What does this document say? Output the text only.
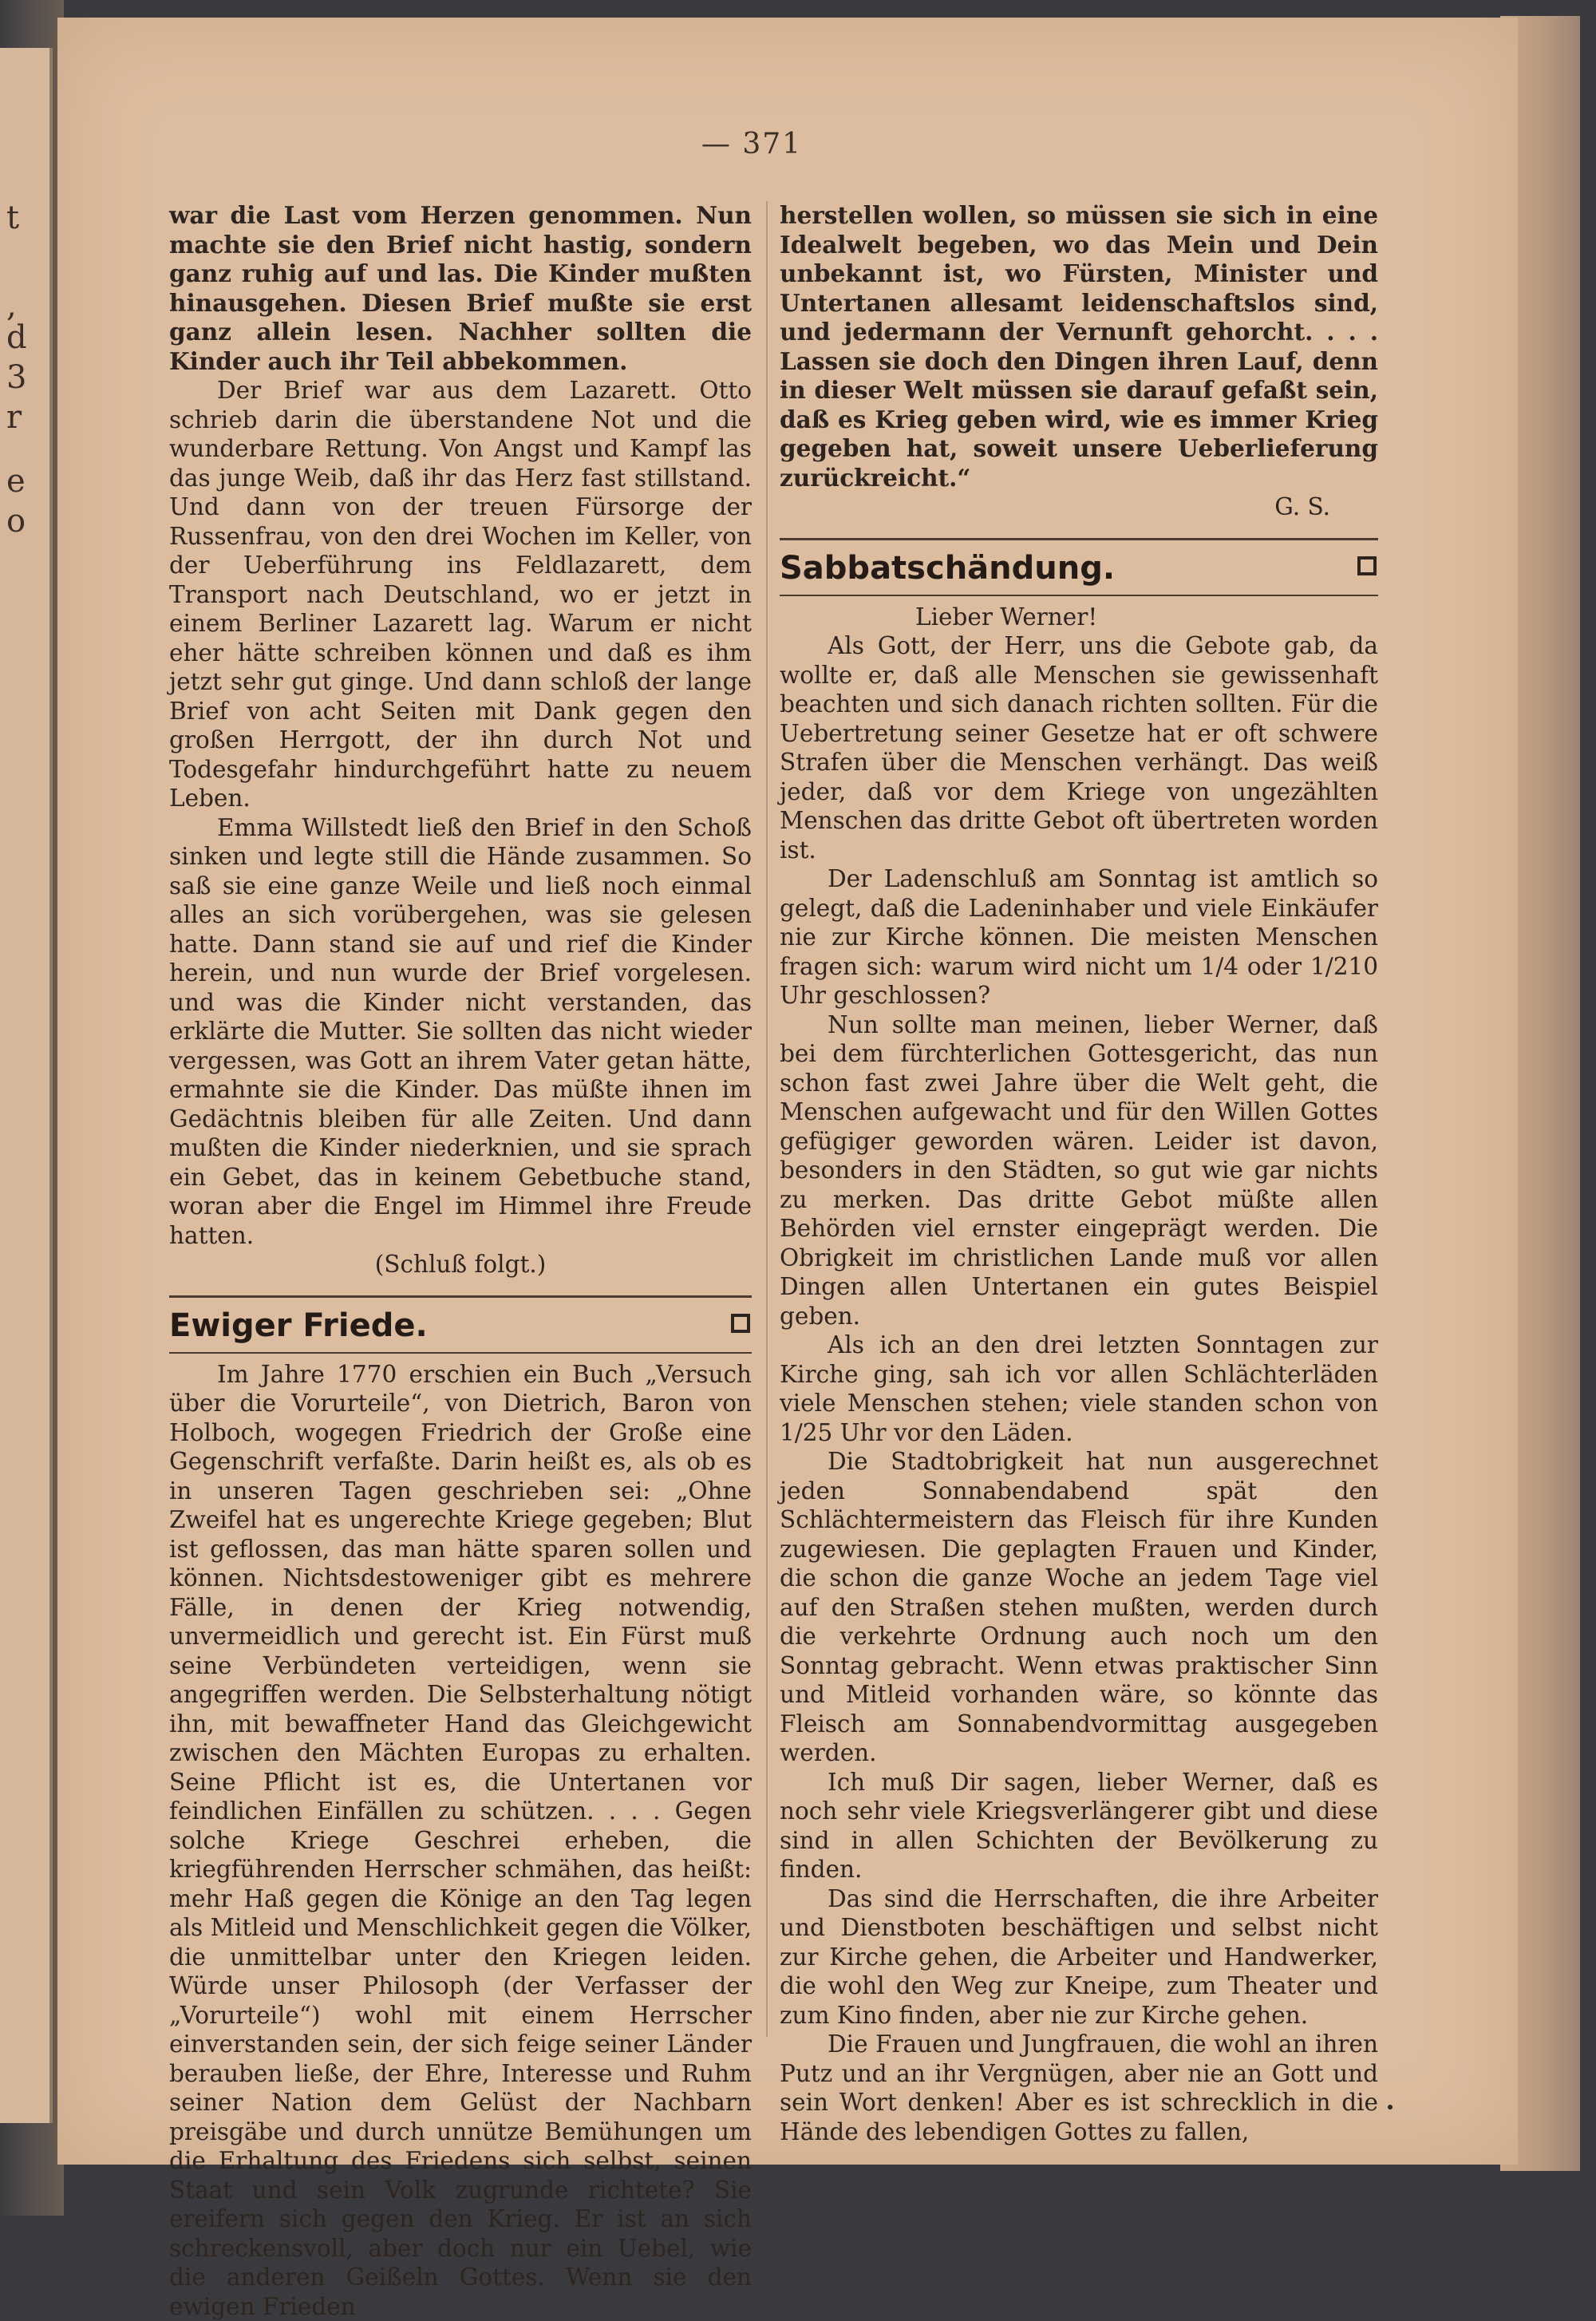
t
,
d
3
r
e
o
— 371

war die Last vom Herzen genommen. Nun machte sie den Brief nicht hastig, sondern ganz ruhig auf und las. Die Kinder mußten hinausgehen. Diesen Brief mußte sie erst ganz allein lesen. Nachher sollten die Kinder auch ihr Teil abbekommen.

Der Brief war aus dem Lazarett. Otto schrieb darin die überstandene Not und die wunderbare Rettung. Von Angst und Kampf las das junge Weib, daß ihr das Herz fast stillstand. Und dann von der treuen Fürsorge der Russenfrau, von den drei Wochen im Keller, von der Ueberführung ins Feldlazarett, dem Transport nach Deutschland, wo er jetzt in einem Berliner Lazarett lag. Warum er nicht eher hätte schreiben können und daß es ihm jetzt sehr gut ginge. Und dann schloß der lange Brief von acht Seiten mit Dank gegen den großen Herrgott, der ihn durch Not und Todesgefahr hindurchgeführt hatte zu neuem Leben.

Emma Willstedt ließ den Brief in den Schoß sinken und legte still die Hände zusammen. So saß sie eine ganze Weile und ließ noch einmal alles an sich vorübergehen, was sie gelesen hatte. Dann stand sie auf und rief die Kinder herein, und nun wurde der Brief vorgelesen. und was die Kinder nicht verstanden, das erklärte die Mutter. Sie sollten das nicht wieder vergessen, was Gott an ihrem Vater getan hätte, ermahnte sie die Kinder. Das müßte ihnen im Gedächtnis bleiben für alle Zeiten. Und dann mußten die Kinder niederknien, und sie sprach ein Gebet, das in keinem Gebetbuche stand, woran aber die Engel im Himmel ihre Freude hatten.

(Schluß folgt.)

Ewiger Friede.

Im Jahre 1770 erschien ein Buch „Versuch über die Vorurteile“, von Dietrich, Baron von Holboch, wogegen Friedrich der Große eine Gegenschrift verfaßte. Darin heißt es, als ob es in unseren Tagen geschrieben sei: „Ohne Zweifel hat es ungerechte Kriege gegeben; Blut ist geflossen, das man hätte sparen sollen und können. Nichtsdestoweniger gibt es mehrere Fälle, in denen der Krieg notwendig, unvermeidlich und gerecht ist. Ein Fürst muß seine Verbündeten verteidigen, wenn sie angegriffen werden. Die Selbsterhaltung nötigt ihn, mit bewaffneter Hand das Gleichgewicht zwischen den Mächten Europas zu erhalten. Seine Pflicht ist es, die Untertanen vor feindlichen Einfällen zu schützen. . . . Gegen solche Kriege Geschrei erheben, die kriegführenden Herrscher schmähen, das heißt: mehr Haß gegen die Könige an den Tag legen als Mitleid und Menschlichkeit gegen die Völker, die unmittelbar unter den Kriegen leiden. Würde unser Philosoph (der Verfasser der „Vorurteile“) wohl mit einem Herrscher einverstanden sein, der sich feige seiner Länder berauben ließe, der Ehre, Interesse und Ruhm seiner Nation dem Gelüst der Nachbarn preisgäbe und durch unnütze Bemühungen um die Erhaltung des Friedens sich selbst, seinen Staat und sein Volk zugrunde richtete? Sie ereifern sich gegen den Krieg. Er ist an sich schreckensvoll, aber doch nur ein Uebel, wie die anderen Geißeln Gottes. Wenn sie den ewigen Frieden

herstellen wollen, so müssen sie sich in eine Idealwelt begeben, wo das Mein und Dein unbekannt ist, wo Fürsten, Minister und Untertanen allesamt leidenschaftslos sind, und jedermann der Vernunft gehorcht. . . . Lassen sie doch den Dingen ihren Lauf, denn in dieser Welt müssen sie darauf gefaßt sein, daß es Krieg geben wird, wie es immer Krieg gegeben hat, soweit unsere Ueberlieferung zurückreicht.“

G. S.

Sabbatschändung.

Lieber Werner!

Als Gott, der Herr, uns die Gebote gab, da wollte er, daß alle Menschen sie gewissenhaft beachten und sich danach richten sollten. Für die Uebertretung seiner Gesetze hat er oft schwere Strafen über die Menschen verhängt. Das weiß jeder, daß vor dem Kriege von ungezählten Menschen das dritte Gebot oft übertreten worden ist.

Der Ladenschluß am Sonntag ist amtlich so gelegt, daß die Ladeninhaber und viele Einkäufer nie zur Kirche können. Die meisten Menschen fragen sich: warum wird nicht um 1/4 oder 1/210 Uhr geschlossen?

Nun sollte man meinen, lieber Werner, daß bei dem fürchterlichen Gottesgericht, das nun schon fast zwei Jahre über die Welt geht, die Menschen aufgewacht und für den Willen Gottes gefügiger geworden wären. Leider ist davon, besonders in den Städten, so gut wie gar nichts zu merken. Das dritte Gebot müßte allen Behörden viel ernster eingeprägt werden. Die Obrigkeit im christlichen Lande muß vor allen Dingen allen Untertanen ein gutes Beispiel geben.

Als ich an den drei letzten Sonntagen zur Kirche ging, sah ich vor allen Schlächterläden viele Menschen stehen; viele standen schon von 1/25 Uhr vor den Läden.

Die Stadtobrigkeit hat nun ausgerechnet jeden Sonnabendabend spät den Schlächtermeistern das Fleisch für ihre Kunden zugewiesen. Die geplagten Frauen und Kinder, die schon die ganze Woche an jedem Tage viel auf den Straßen stehen mußten, werden durch die verkehrte Ordnung auch noch um den Sonntag gebracht. Wenn etwas praktischer Sinn und Mitleid vorhanden wäre, so könnte das Fleisch am Sonnabendvormittag ausgegeben werden.

Ich muß Dir sagen, lieber Werner, daß es noch sehr viele Kriegsverlängerer gibt und diese sind in allen Schichten der Bevölkerung zu finden.

Das sind die Herrschaften, die ihre Arbeiter und Dienstboten beschäftigen und selbst nicht zur Kirche gehen, die Arbeiter und Handwerker, die wohl den Weg zur Kneipe, zum Theater und zum Kino finden, aber nie zur Kirche gehen.

Die Frauen und Jungfrauen, die wohl an ihren Putz und an ihr Vergnügen, aber nie an Gott und sein Wort denken! Aber es ist schrecklich in die Hände des lebendigen Gottes zu fallen,
